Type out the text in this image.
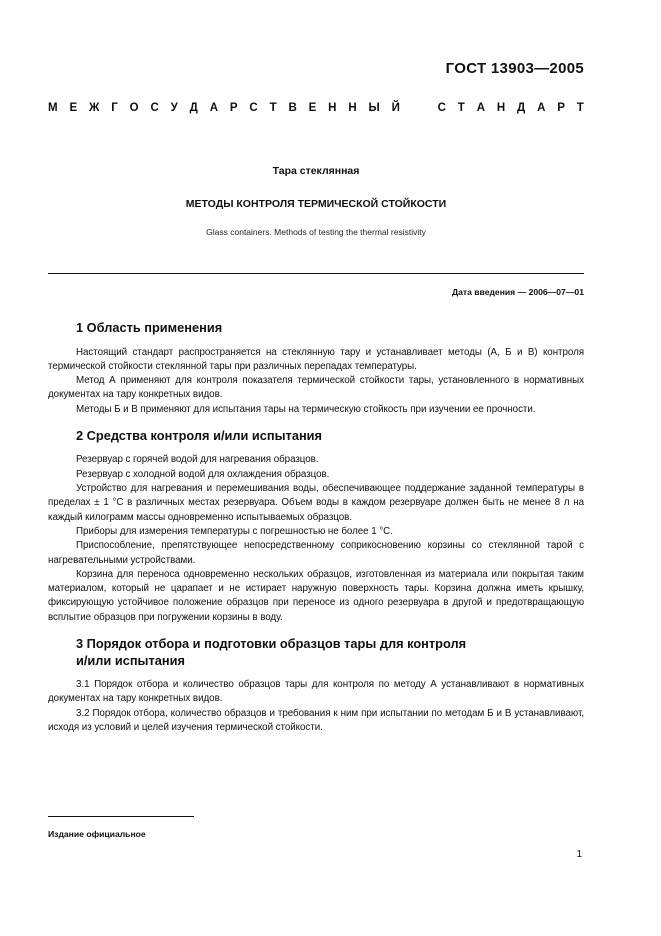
ГОСТ 13903—2005
М Е Ж Г О С У Д А Р С Т В Е Н Н Ы Й	С Т А Н Д А Р Т
Тара стеклянная
МЕТОДЫ КОНТРОЛЯ ТЕРМИЧЕСКОЙ СТОЙКОСТИ
Glass containers. Methods of testing the thermal resistivity
Дата введения — 2006—07—01
1 Область применения

Настоящий стандарт распространяется на стеклянную тару и устанавливает методы (А, Б и В) контроля термической стойкости стеклянной тары при различных перепадах температуры.

Метод А применяют для контроля показателя термической стойкости тары, установленного в нормативных документах на тару конкретных видов.

Методы Б и В применяют для испытания тары на термическую стойкость при изучении ее прочности.

2 Средства контроля и/или испытания

Резервуар с горячей водой для нагревания образцов.

Резервуар с холодной водой для охлаждения образцов.

Устройство для нагревания и перемешивания воды, обеспечивающее поддержание заданной температуры в пределах ± 1 °С в различных местах резервуара. Объем воды в каждом резервуаре должен быть не менее 8 л на каждый килограмм массы одновременно испытываемых образцов.

Приборы для измерения температуры с погрешностью не более 1 °С.

Приспособление, препятствующее непосредственному соприкосновению корзины со стеклянной тарой с нагревательными устройствами.

Корзина для переноса одновременно нескольких образцов, изготовленная из материала или покрытая таким материалом, который не царапает и не истирает наружную поверхность тары. Корзина должна иметь крышку, фиксирующую устойчивое положение образцов при переносе из одного резервуара в другой и предотвращающую всплытие образцов при погружении корзины в воду.

3 Порядок отбора и подготовки образцов тары для контроля
и/или испытания

3.1 Порядок отбора и количество образцов тары для контроля по методу А устанавливают в нормативных документах на тару конкретных видов.

3.2 Порядок отбора, количество образцов и требования к ним при испытании по методам Б и В устанавливают, исходя из условий и целей изучения термической стойкости.

Издание официальное
1
